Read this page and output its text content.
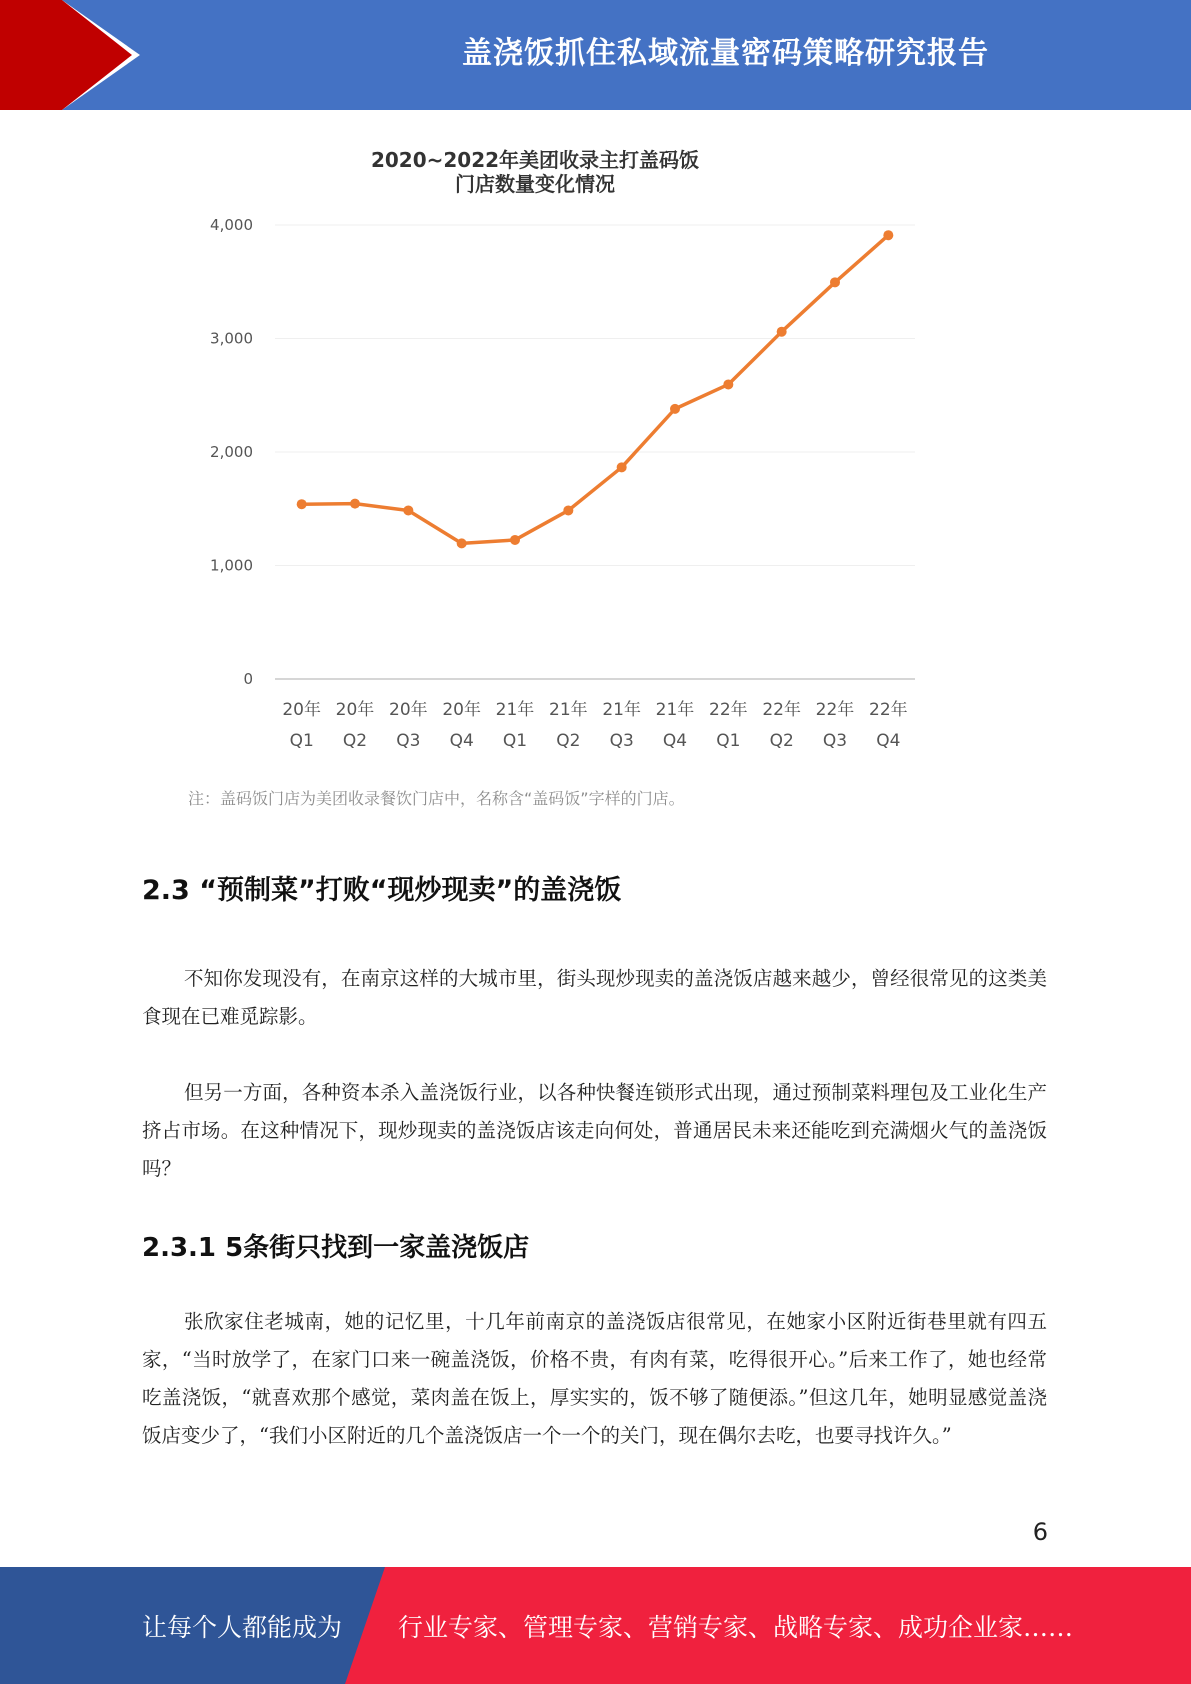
盖浇饭抓住私域流量密码策略研究报告
2020~2022年美团收录主打盖码饭
门店数量变化情况
0
1,000
2,000
3,000
4,000
20年
Q1
20年
Q2
20年
Q3
20年
Q4
21年
Q1
21年
Q2
21年
Q3
21年
Q4
22年
Q1
22年
Q2
22年
Q3
22年
Q4
注：盖码饭门店为美团收录餐饮门店中，名称含“盖码饭”字样的门店。
2.3 “预制菜”打败“现炒现卖”的盖浇饭

不知你发现没有，在南京这样的大城市里，街头现炒现卖的盖浇饭店越来越少，曾经很常见的这类美食现在已难觅踪影。

但另一方面，各种资本杀入盖浇饭行业，以各种快餐连锁形式出现，通过预制菜料理包及工业化生产挤占市场。在这种情况下，现炒现卖的盖浇饭店该走向何处，普通居民未来还能吃到充满烟火气的盖浇饭吗？

2.3.1 5条街只找到一家盖浇饭店

张欣家住老城南，她的记忆里，十几年前南京的盖浇饭店很常见，在她家小区附近街巷里就有四五家，“当时放学了，在家门口来一碗盖浇饭，价格不贵，有肉有菜，吃得很开心。”后来工作了，她也经常吃盖浇饭，“就喜欢那个感觉，菜肉盖在饭上，厚实实的，饭不够了随便添。”但这几年，她明显感觉盖浇饭店变少了，“我们小区附近的几个盖浇饭店一个一个的关门，现在偶尔去吃，也要寻找许久。”

6
让每个人都能成为 行业专家、管理专家、营销专家、战略专家、成功企业家……
